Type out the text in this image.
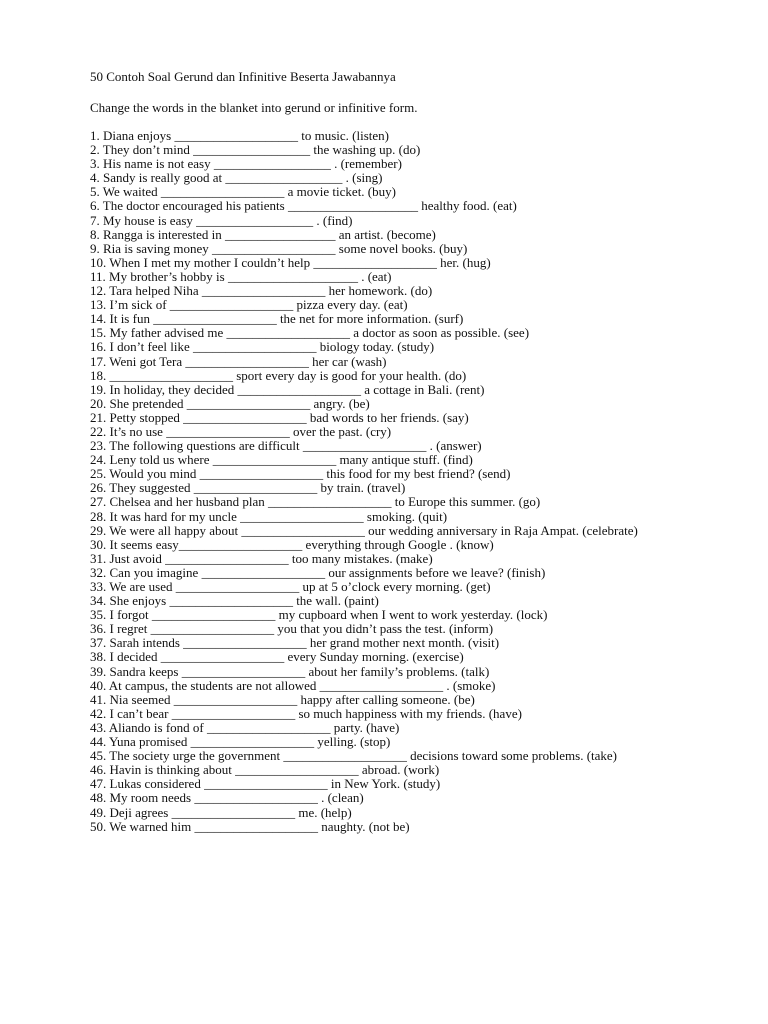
50 Contoh Soal Gerund dan Infinitive Beserta Jawabannya

Change the words in the blanket into gerund or infinitive form.

1. Diana enjoys ___________________ to music. (listen)
2. They don’t mind __________________ the washing up. (do)
3. His name is not easy __________________ . (remember)
4. Sandy is really good at __________________ . (sing)
5. We waited ___________________ a movie ticket. (buy)
6. The doctor encouraged his patients ____________________ healthy food. (eat)
7. My house is easy __________________ . (find)
8. Rangga is interested in _________________ an artist. (become)
9. Ria is saving money ___________________ some novel books. (buy)
10. When I met my mother I couldn’t help ___________________ her. (hug)
11. My brother’s hobby is ____________________ . (eat)
12. Tara helped Niha ___________________ her homework. (do)
13. I’m sick of ___________________ pizza every day. (eat)
14. It is fun ___________________ the net for more information. (surf)
15. My father advised me ___________________ a doctor as soon as possible. (see)
16. I don’t feel like ___________________ biology today. (study)
17. Weni got Tera ___________________ her car (wash)
18. ___________________ sport every day is good for your health. (do)
19. In holiday, they decided ___________________ a cottage in Bali. (rent)
20. She pretended ___________________ angry. (be)
21. Petty stopped ___________________ bad words to her friends. (say)
22. It’s no use ___________________ over the past. (cry)
23. The following questions are difficult ___________________ . (answer)
24. Leny told us where ___________________ many antique stuff. (find)
25. Would you mind ___________________ this food for my best friend? (send)
26. They suggested ___________________ by train. (travel)
27. Chelsea and her husband plan ___________________ to Europe this summer. (go)
28. It was hard for my uncle ___________________ smoking. (quit)
29. We were all happy about ___________________ our wedding anniversary in Raja Ampat. (celebrate)
30. It seems easy___________________ everything through Google . (know)
31. Just avoid ___________________ too many mistakes. (make)
32. Can you imagine ___________________ our assignments before we leave? (finish)
33. We are used ___________________ up at 5 o’clock every morning. (get)
34. She enjoys ___________________ the wall. (paint)
35. I forgot ___________________ my cupboard when I went to work yesterday. (lock)
36. I regret ___________________ you that you didn’t pass the test. (inform)
37. Sarah intends ___________________ her grand mother next month. (visit)
38. I decided ___________________ every Sunday morning. (exercise)
39. Sandra keeps ___________________ about her family’s problems. (talk)
40. At campus, the students are not allowed ___________________ . (smoke)
41. Nia seemed ___________________ happy after calling someone. (be)
42. I can’t bear ___________________ so much happiness with my friends. (have)
43. Aliando is fond of ___________________ party. (have)
44. Yuna promised ___________________ yelling. (stop)
45. The society urge the government ___________________ decisions toward some problems. (take)
46. Havin is thinking about ___________________ abroad. (work)
47. Lukas considered ___________________ in New York. (study)
48. My room needs ___________________ . (clean)
49. Deji agrees ___________________ me. (help)
50. We warned him ___________________ naughty. (not be)
